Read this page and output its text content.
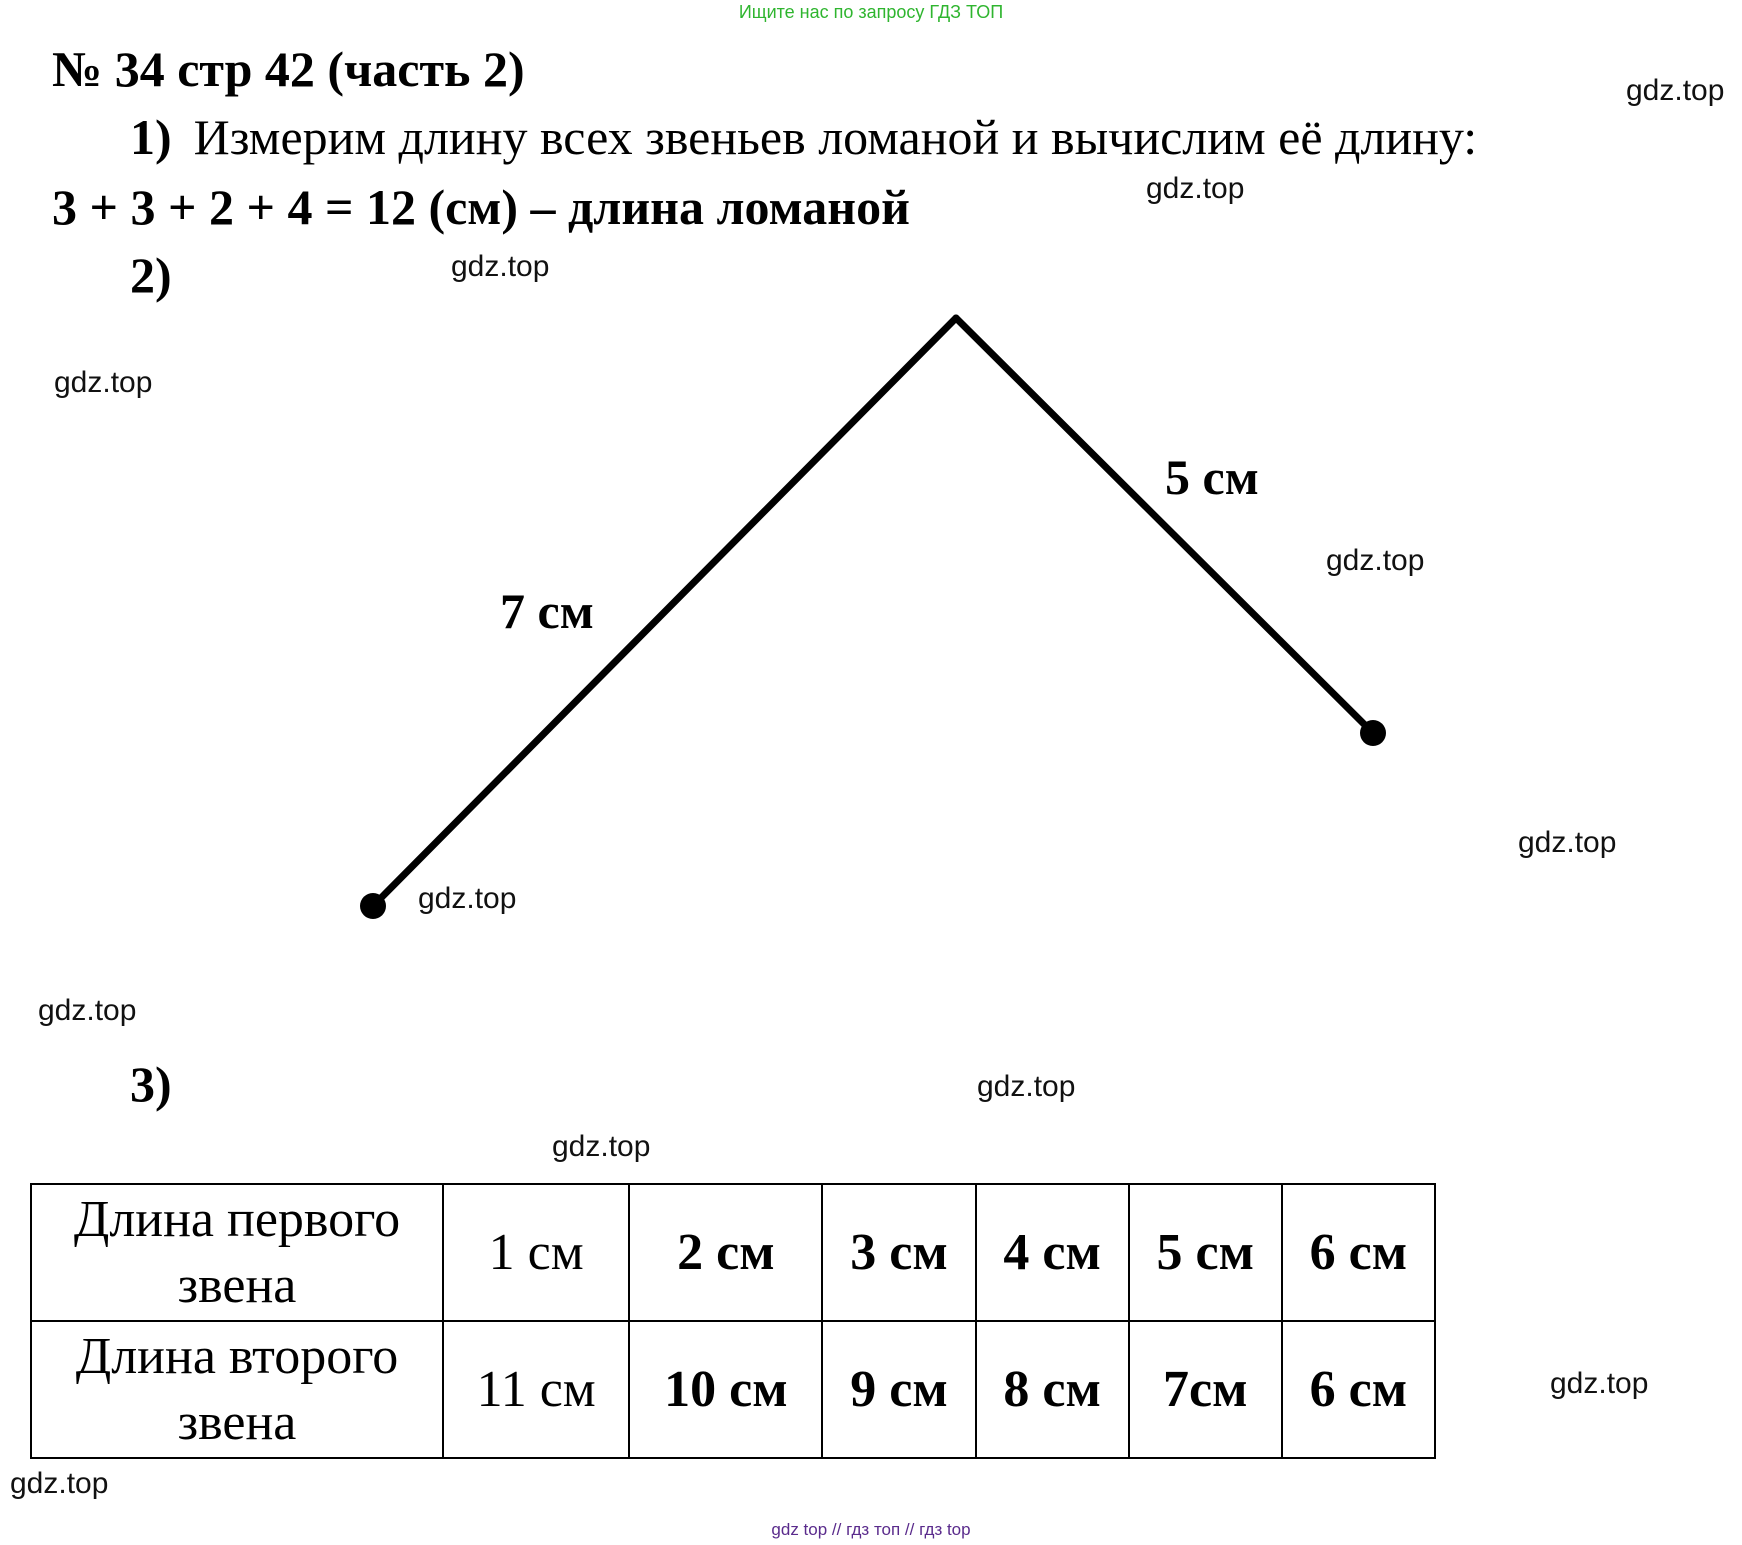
Ищите нас по запросу ГДЗ ТОП
№ 34 стр 42 (часть 2)
1) Измерим длину всех звеньев ломаной и вычислим её длину:
3 + 3 + 2 + 4 = 12 (см) – длина ломаной
2)
7 см
5 см
3)
Длина первого звена	1 см	2 см	3 см	4 см	5 см	6 см
Длина второго звена	11 см	10 см	9 см	8 см	7см	6 см
gdz.top
gdz.top
gdz.top
gdz.top
gdz.top
gdz.top
gdz.top
gdz.top
gdz.top
gdz.top
gdz.top
gdz.top
gdz top // гдз топ // гдз top
